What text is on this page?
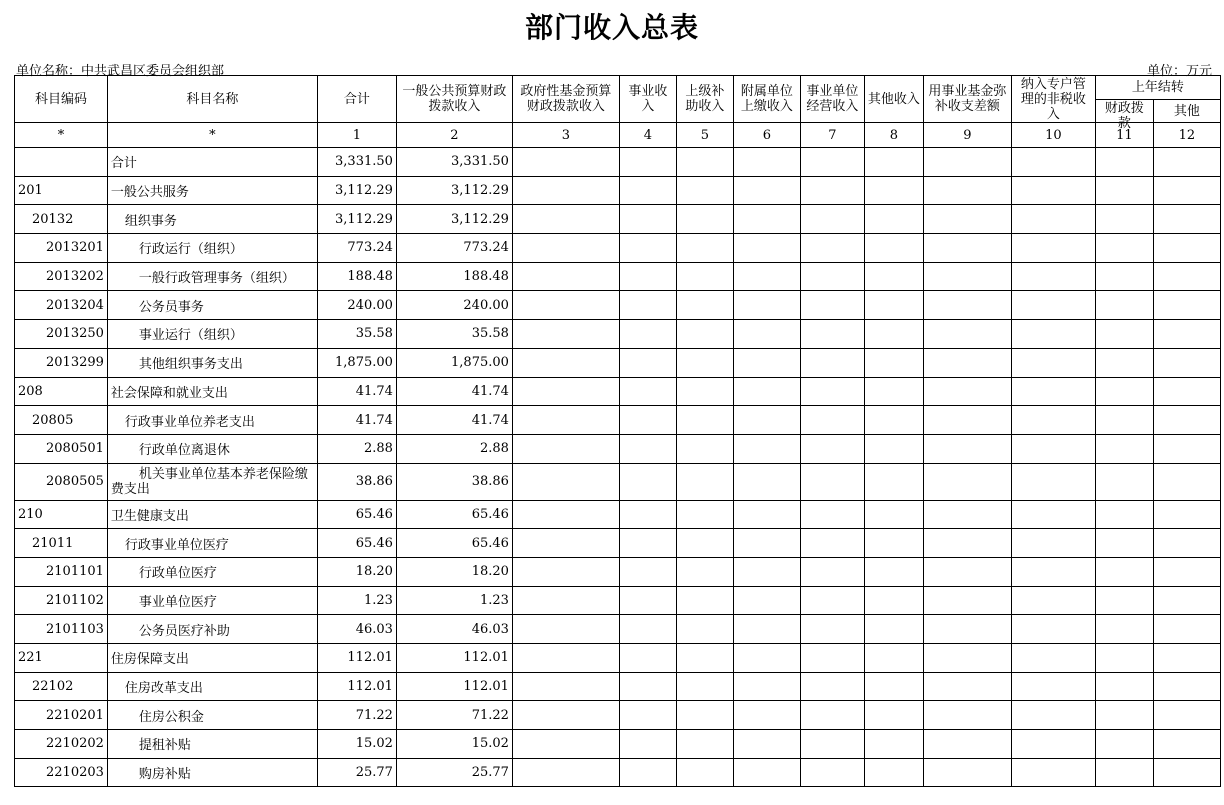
部门收入总表
单位名称：中共武昌区委员会组织部	单位：万元
科目编码	科目名称	合计	一般公共预算财政拨款收入	政府性基金预算财政拨款收入	事业收入	上级补助收入	附属单位上缴收入	事业单位经营收入	其他收入	用事业基金弥补收支差额	纳入专户管理的非税收入	上年结转	

												财政拨款	其他
*	*	1	2	3	4	5	6	7	8	9	10	11	12
	合计	3,331.50	3,331.50										
201	一般公共服务	3,112.29	3,112.29										
20132	组织事务	3,112.29	3,112.29										
2013201	行政运行（组织）	773.24	773.24										
2013202	一般行政管理事务（组织）	188.48	188.48										
2013204	公务员事务	240.00	240.00										
2013250	事业运行（组织）	35.58	35.58										
2013299	其他组织事务支出	1,875.00	1,875.00										
208	社会保障和就业支出	41.74	41.74										
20805	行政事业单位养老支出	41.74	41.74										
2080501	行政单位离退休	2.88	2.88										
2080505	机关事业单位基本养老保险缴费支出	38.86	38.86										
210	卫生健康支出	65.46	65.46										
21011	行政事业单位医疗	65.46	65.46										
2101101	行政单位医疗	18.20	18.20										
2101102	事业单位医疗	1.23	1.23										
2101103	公务员医疗补助	46.03	46.03										
221	住房保障支出	112.01	112.01										
22102	住房改革支出	112.01	112.01										
2210201	住房公积金	71.22	71.22										
2210202	提租补贴	15.02	15.02										
2210203	购房补贴	25.77	25.77										
